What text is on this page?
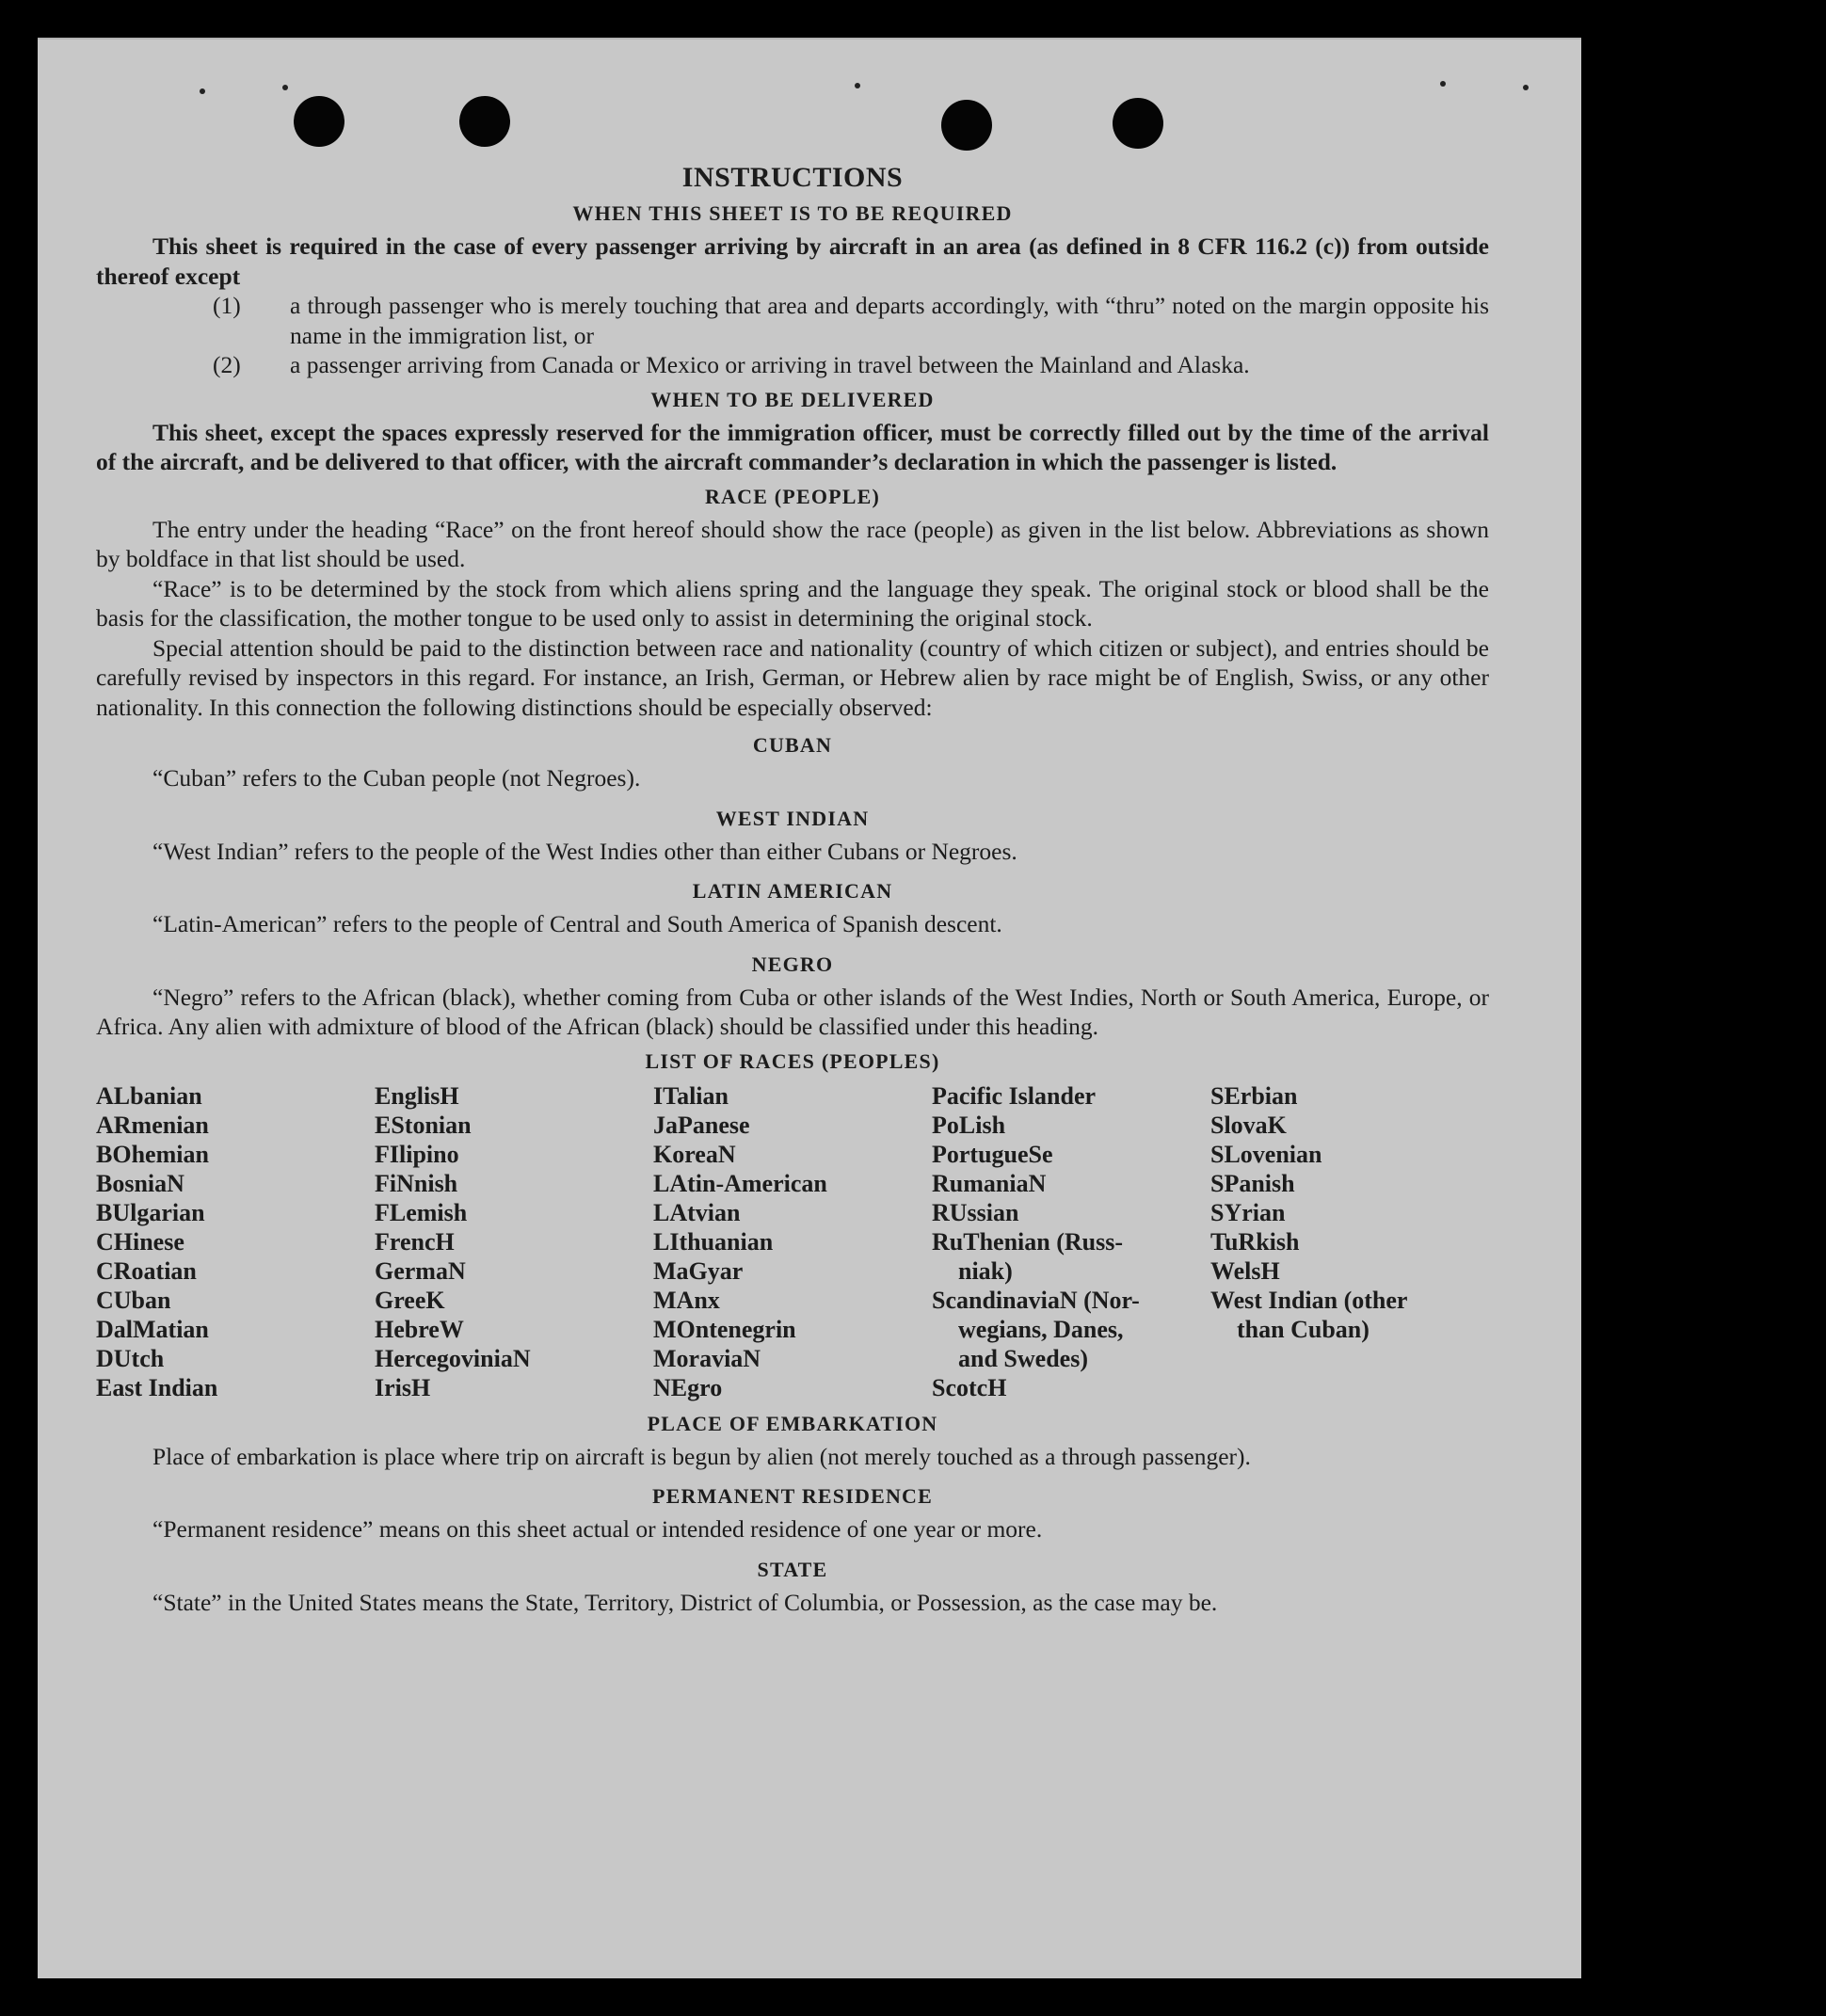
INSTRUCTIONS
WHEN THIS SHEET IS TO BE REQUIRED

This sheet is required in the case of every passenger arriving by aircraft in an area (as defined in 8 CFR 116.2 (c)) from outside thereof except

(1) a through passenger who is merely touching that area and departs accordingly, with “thru” noted on the margin opposite his name in the immigration list, or
(2) a passenger arriving from Canada or Mexico or arriving in travel between the Mainland and Alaska.
WHEN TO BE DELIVERED

This sheet, except the spaces expressly reserved for the immigration officer, must be correctly filled out by the time of the arrival of the aircraft, and be delivered to that officer, with the aircraft commander’s declaration in which the passenger is listed.

RACE (PEOPLE)

The entry under the heading “Race” on the front hereof should show the race (people) as given in the list below. Abbreviations as shown by boldface in that list should be used.

“Race” is to be determined by the stock from which aliens spring and the language they speak. The original stock or blood shall be the basis for the classification, the mother tongue to be used only to assist in determining the original stock.

Special attention should be paid to the distinction between race and nationality (country of which citizen or subject), and entries should be carefully revised by inspectors in this regard. For instance, an Irish, German, or Hebrew alien by race might be of English, Swiss, or any other nationality. In this connection the following distinctions should be especially observed:

CUBAN

“Cuban” refers to the Cuban people (not Negroes).

WEST INDIAN

“West Indian” refers to the people of the West Indies other than either Cubans or Negroes.

LATIN AMERICAN

“Latin-American” refers to the people of Central and South America of Spanish descent.

NEGRO

“Negro” refers to the African (black), whether coming from Cuba or other islands of the West Indies, North or South America, Europe, or Africa. Any alien with admixture of blood of the African (black) should be classified under this heading.

LIST OF RACES (PEOPLES)
ALbanian
ARmenian
BOhemian
BosniaN
BUlgarian
CHinese
CRoatian
CUban
DalMatian
DUtch
East Indian
EnglisH
EStonian
FIlipino
FiNnish
FLemish
FrencH
GermaN
GreeK
HebreW
HercegoviniaN
IrisH
ITalian
JaPanese
KoreaN
LAtin-American
LAtvian
LIthuanian
MaGyar
MAnx
MOntenegrin
MoraviaN
NEgro
Pacific Islander
PoLish
PortugueSe
RumaniaN
RUssian
RuThenian (Russ-
niak)
ScandinaviaN (Nor-
wegians, Danes,
and Swedes)
ScotcH
SErbian
SlovaK
SLovenian
SPanish
SYrian
TuRkish
WelsH
West Indian (other
than Cuban)
PLACE OF EMBARKATION

Place of embarkation is place where trip on aircraft is begun by alien (not merely touched as a through passenger).

PERMANENT RESIDENCE

“Permanent residence” means on this sheet actual or intended residence of one year or more.

STATE

“State” in the United States means the State, Territory, District of Columbia, or Possession, as the case may be.
